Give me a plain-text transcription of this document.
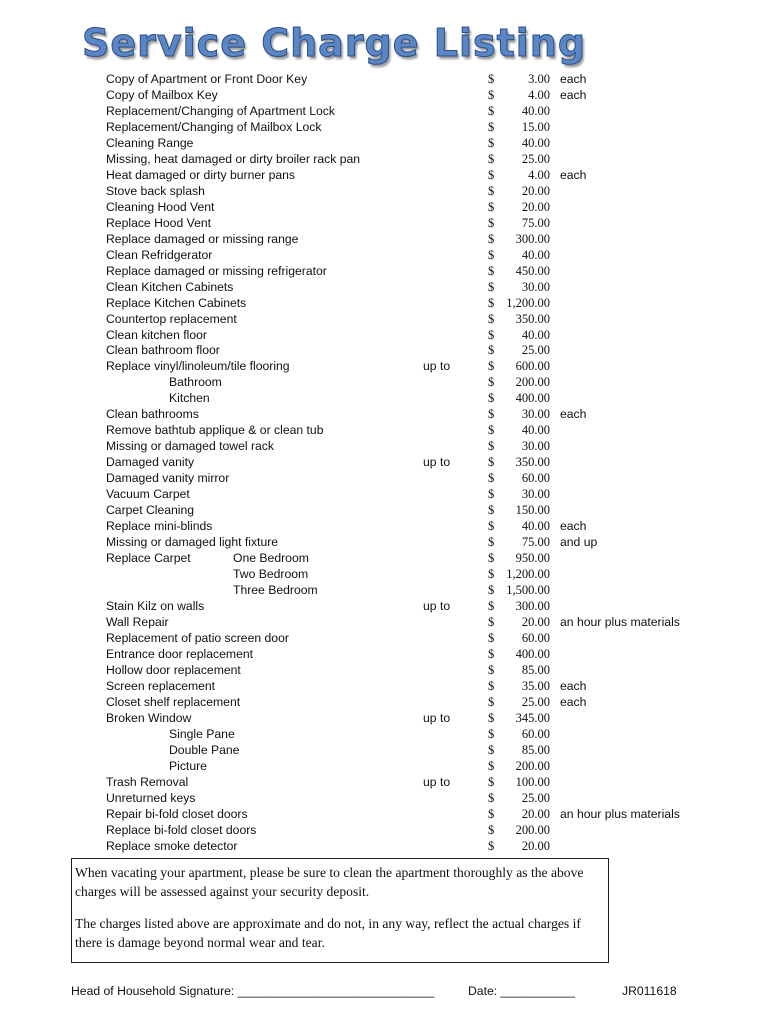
Service Charge Listing
Copy of Apartment or Front Door Key	$	3.00 each
Copy of Mailbox Key	$	4.00 each
Replacement/Changing of Apartment Lock	$	40.00
Replacement/Changing of Mailbox Lock	$	15.00
Cleaning Range	$	40.00
Missing, heat damaged or dirty broiler rack pan	$	25.00
Heat damaged or dirty burner pans	$	4.00 each
Stove back splash	$	20.00
Cleaning Hood Vent	$	20.00
Replace Hood Vent	$	75.00
Replace damaged or missing range	$	300.00
Clean Refridgerator	$	40.00
Replace damaged or missing refrigerator	$	450.00
Clean Kitchen Cabinets	$	30.00
Replace Kitchen Cabinets	$ 1,200.00
Countertop replacement	$	350.00
Clean kitchen floor	$	40.00
Clean bathroom floor	$	25.00
Replace vinyl/linoleum/tile flooring	up to	$	600.00
Bathroom	$	200.00
Kitchen	$	400.00
Clean bathrooms	$	30.00 each
Remove bathtub applique & or clean tub	$	40.00
Missing or damaged towel rack	$	30.00
Damaged vanity	up to	$	350.00
Damaged vanity mirror	$	60.00
Vacuum Carpet	$	30.00
Carpet Cleaning	$	150.00
Replace mini-blinds	$	40.00 each
Missing or damaged light fixture	$	75.00 and up
Replace Carpet	One Bedroom	$	950.00
Two Bedroom	$ 1,200.00
Three Bedroom	$ 1,500.00
Stain Kilz on walls	up to	$	300.00
Wall Repair	$	20.00 an hour plus materials
Replacement of patio screen door	$	60.00
Entrance door replacement	$	400.00
Hollow door replacement	$	85.00
Screen replacement	$	35.00 each
Closet shelf replacement	$	25.00 each
Broken Window	up to	$	345.00
Single Pane	$	60.00
Double Pane	$	85.00
Picture	$	200.00
Trash Removal	up to	$	100.00
Unreturned keys	$	25.00
Repair bi-fold closet doors	$	20.00 an hour plus materials
Replace bi-fold closet doors	$	200.00
Replace smoke detector	$	20.00

When vacating your apartment, please be sure to clean the apartment thoroughly as the above charges will be assessed against your security deposit.

The charges listed above are approximate and do not, in any way, reflect the actual charges if there is damage beyond normal wear and tear.

Head of Household Signature: _____________________________	Date: ___________	JR011618
